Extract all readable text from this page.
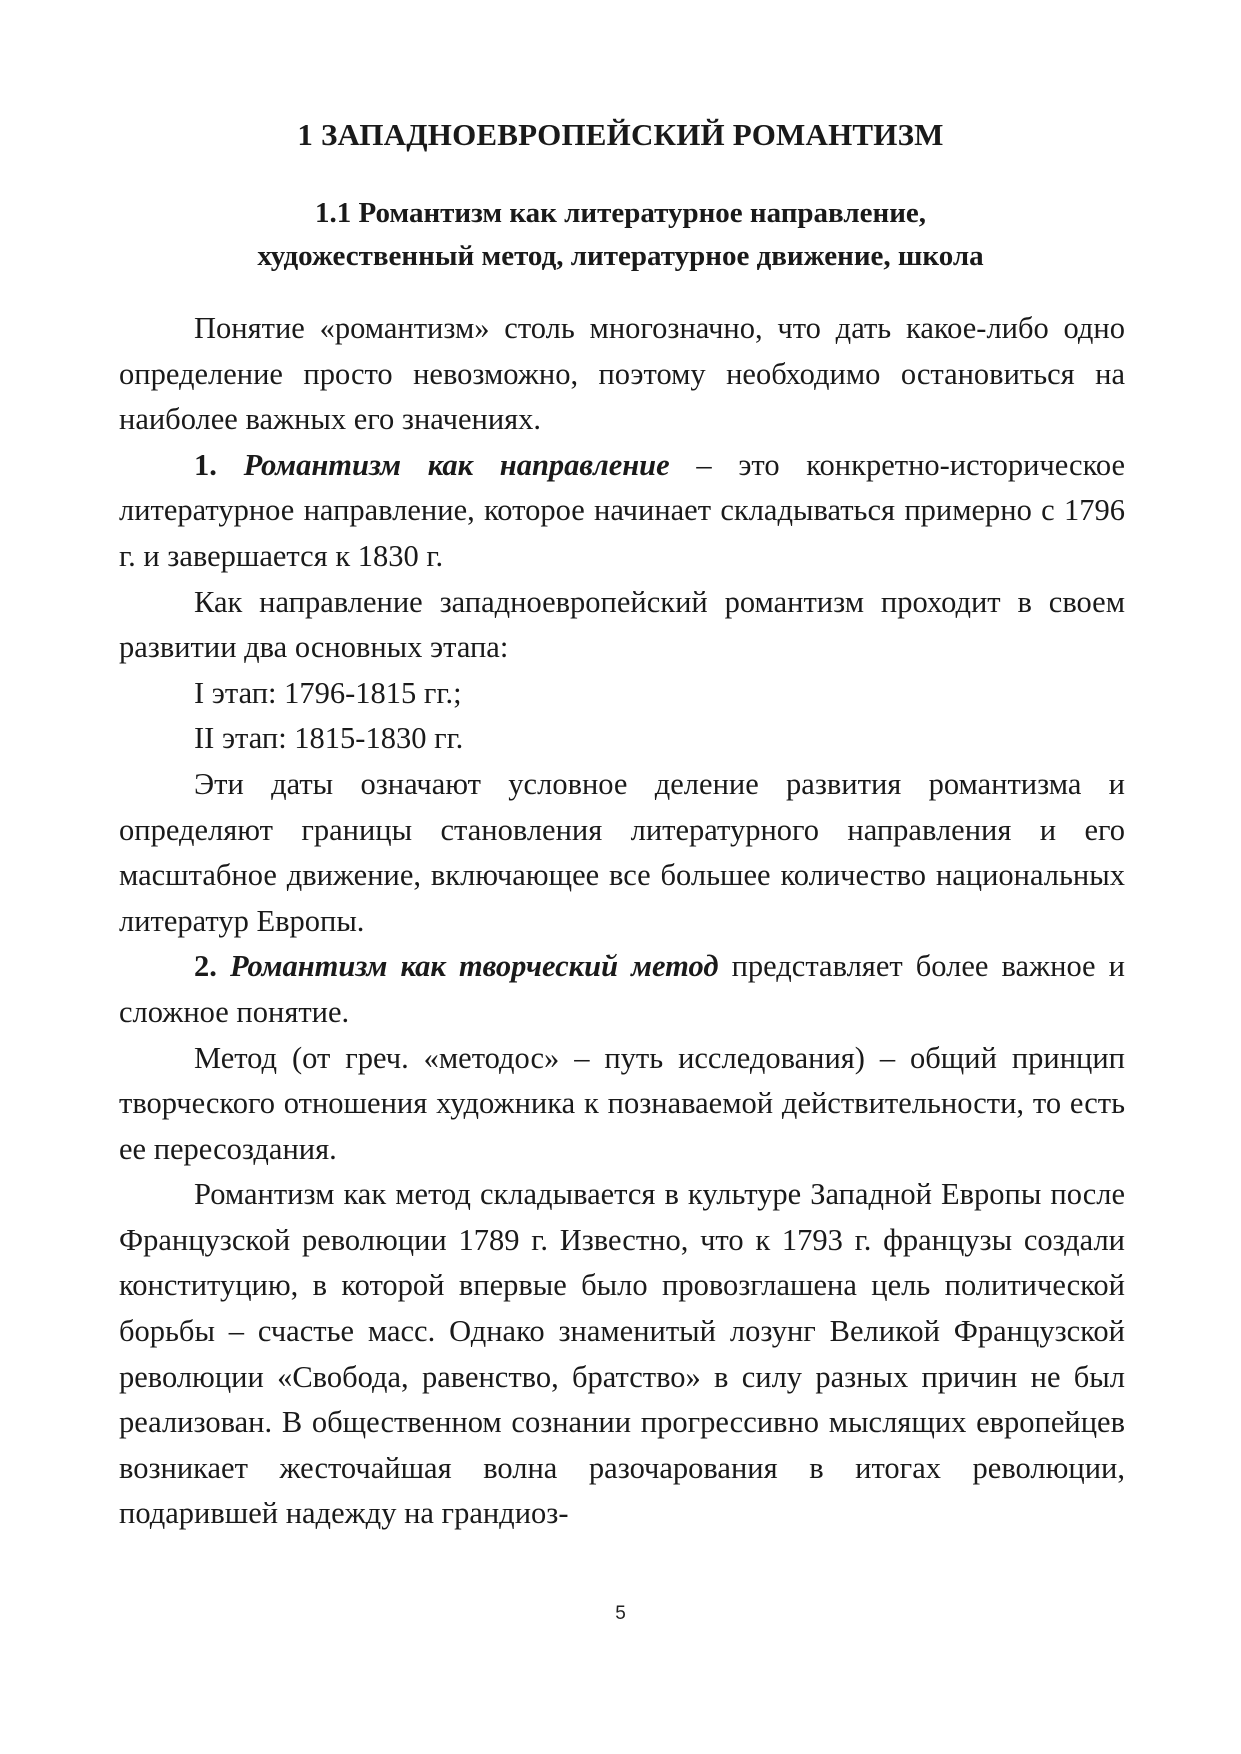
1 ЗАПАДНОЕВРОПЕЙСКИЙ РОМАНТИЗМ
1.1 Романтизм как литературное направление,
художественный метод, литературное движение, школа

Понятие «романтизм» столь многозначно, что дать какое-либо одно определение просто невозможно, поэтому необходимо остановиться на наиболее важных его значениях.

1. Романтизм как направление – это конкретно-историческое литературное направление, которое начинает складываться примерно с 1796 г. и завершается к 1830 г.

Как направление западноевропейский романтизм проходит в своем развитии два основных этапа:

I этап: 1796-1815 гг.;

II этап: 1815-1830 гг.

Эти даты означают условное деление развития романтизма и определяют границы становления литературного направления и его масштабное движение, включающее все большее количество национальных литератур Европы.

2. Романтизм как творческий метод представляет более важное и сложное понятие.

Метод (от греч. «методос» – путь исследования) – общий принцип творческого отношения художника к познаваемой действительности, то есть ее пересоздания.

Романтизм как метод складывается в культуре Западной Европы после Французской революции 1789 г. Известно, что к 1793 г. французы создали конституцию, в которой впервые было провозглашена цель политической борьбы – счастье масс. Однако знаменитый лозунг Великой Французской революции «Свобода, равенство, братство» в силу разных причин не был реализован. В общественном сознании прогрессивно мыслящих европейцев возникает жесточайшая волна разочарования в итогах революции, подарившей надежду на грандиоз-

5
